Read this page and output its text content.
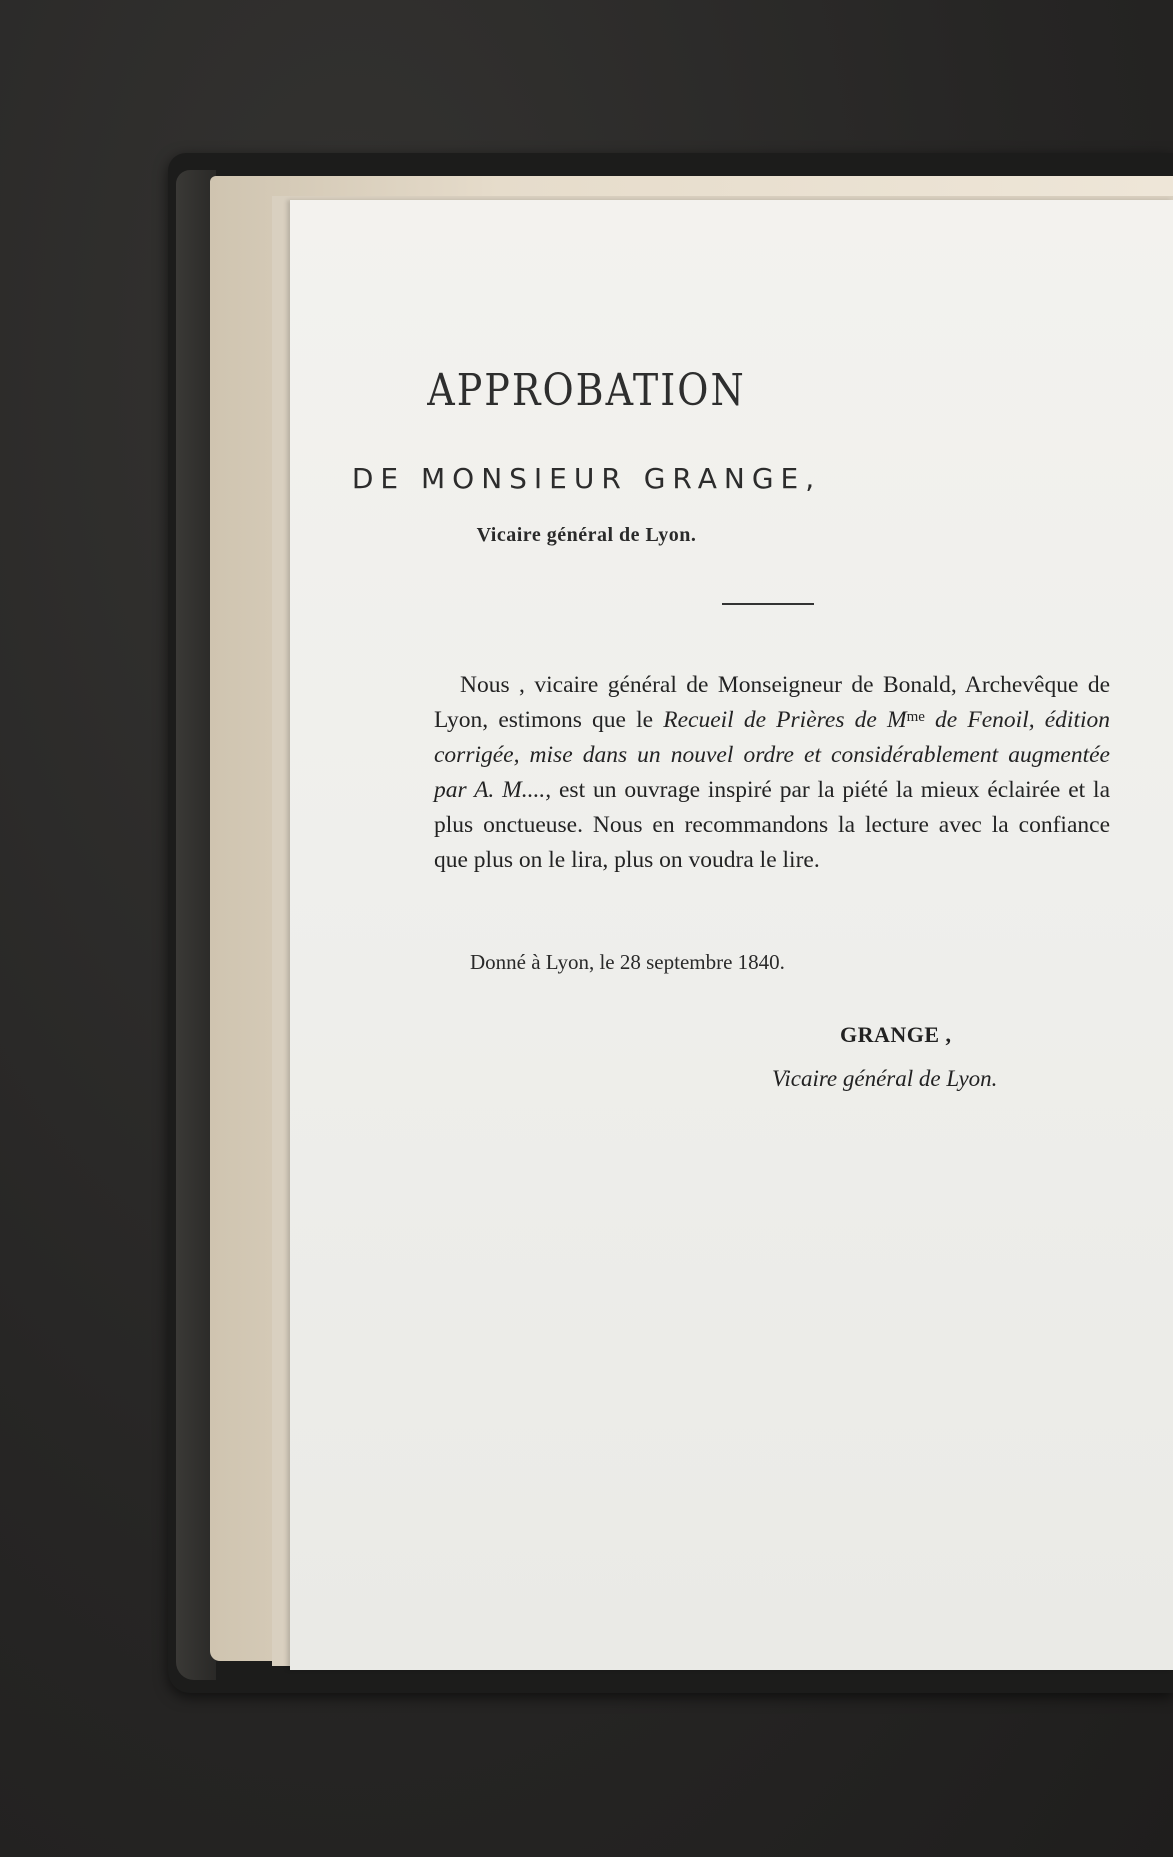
APPROBATION
DE MONSIEUR GRANGE,
Vicaire général de Lyon.
Nous , vicaire général de Monseigneur de Bonald, Archevêque de Lyon, estimons que le Recueil de Prières de $M^{me}$ de Fenoil, édition corrigée, mise dans un nouvel ordre et considérablement augmentée par A. M...., est un ouvrage inspiré par la piété la mieux éclairée et la plus onctueuse. Nous en recommandons la lecture avec la confiance que plus on le lira, plus on voudra le lire.
Donné à Lyon, le 28 septembre 1840.
GRANGE ,
Vicaire général de Lyon.
